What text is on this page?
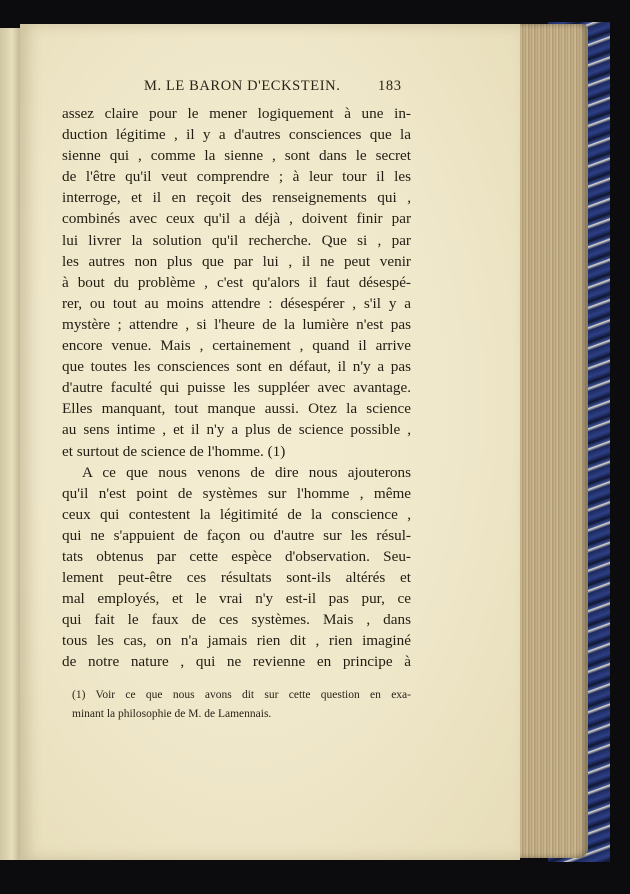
M. LE BARON D'ECKSTEIN.	183
assez claire pour le mener logiquement à une in-
duction légitime , il y a d'autres consciences que la
sienne qui , comme la sienne , sont dans le secret
de l'être qu'il veut comprendre ; à leur tour il les
interroge, et il en reçoit des renseignements qui ,
combinés avec ceux qu'il a déjà , doivent finir par
lui livrer la solution qu'il recherche. Que si , par
les autres non plus que par lui , il ne peut venir
à bout du problème , c'est qu'alors il faut désespé-
rer, ou tout au moins attendre : désespérer , s'il y a
mystère ; attendre , si l'heure de la lumière n'est pas
encore venue. Mais , certainement , quand il arrive
que toutes les consciences sont en défaut, il n'y a pas
d'autre faculté qui puisse les suppléer avec avantage.
Elles manquant, tout manque aussi. Otez la science
au sens intime , et il n'y a plus de science possible ,
et surtout de science de l'homme. (1)
A ce que nous venons de dire nous ajouterons
qu'il n'est point de systèmes sur l'homme , même
ceux qui contestent la légitimité de la conscience ,
qui ne s'appuient de façon ou d'autre sur les résul-
tats obtenus par cette espèce d'observation. Seu-
lement peut-être ces résultats sont-ils altérés et
mal employés, et le vrai n'y est-il pas pur, ce
qui fait le faux de ces systèmes. Mais , dans
tous les cas, on n'a jamais rien dit , rien imaginé
de notre nature , qui ne revienne en principe à
(1) Voir ce que nous avons dit sur cette question en exa-
minant la philosophie de M. de Lamennais.
